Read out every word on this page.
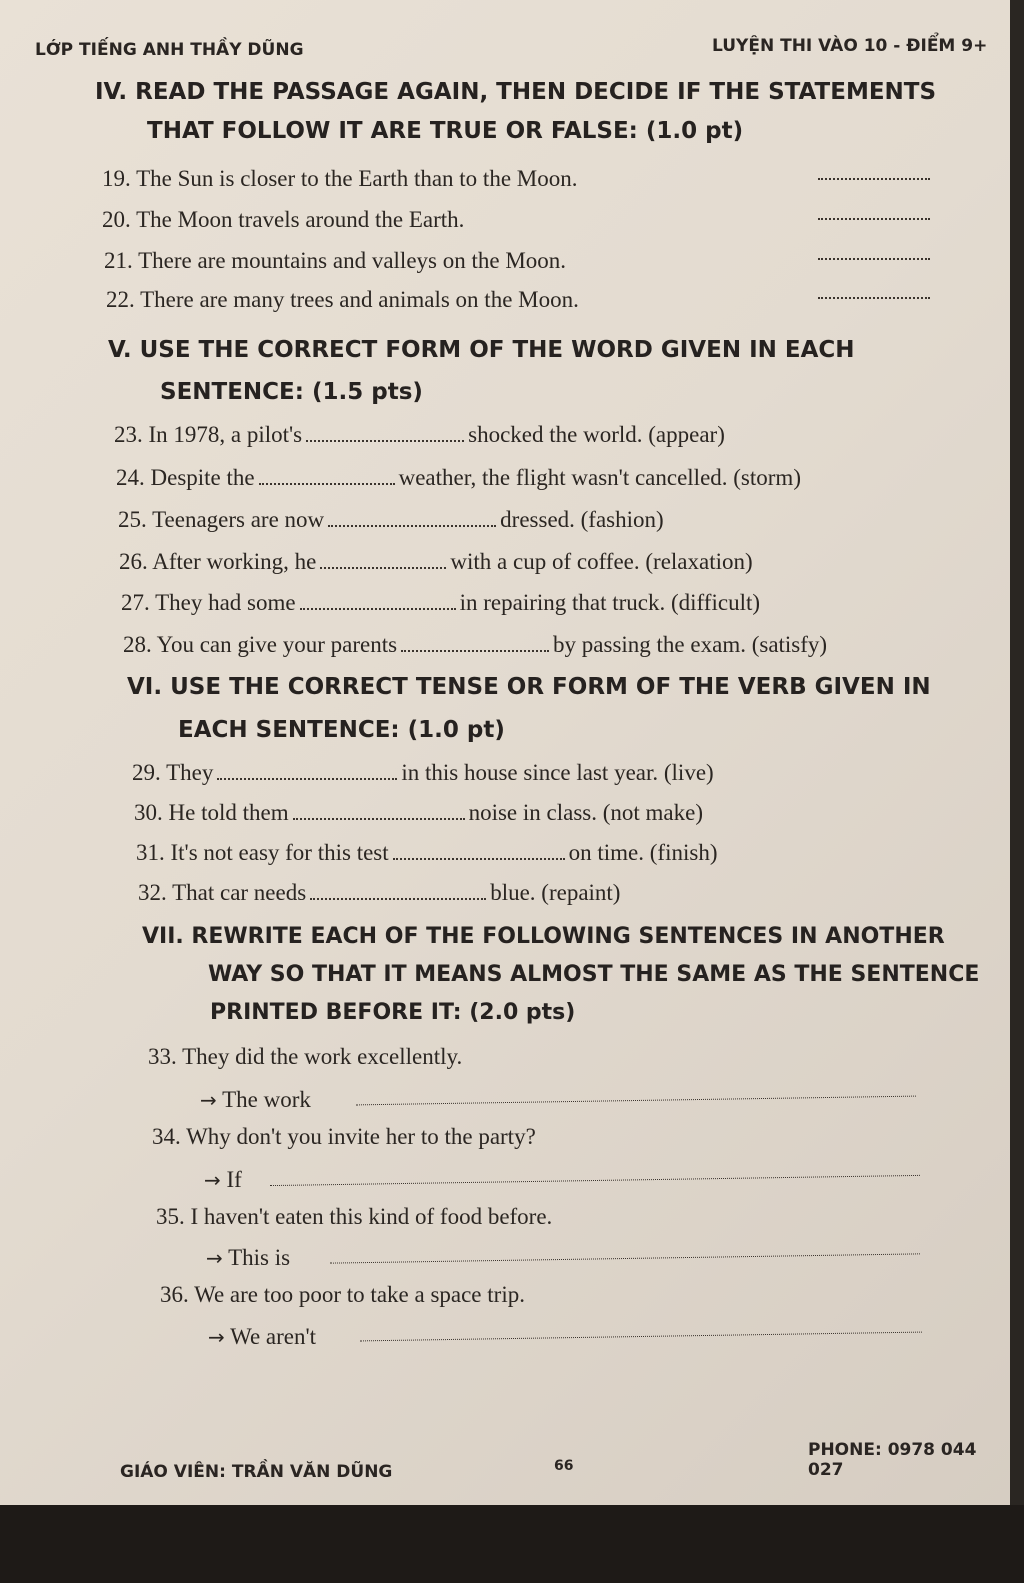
LỚP TIẾNG ANH THẦY DŨNG	LUYỆN THI VÀO 10 - ĐIỂM 9+
IV. READ THE PASSAGE AGAIN, THEN DECIDE IF THE STATEMENTS
THAT FOLLOW IT ARE TRUE OR FALSE: (1.0 pt)
19. The Sun is closer to the Earth than to the Moon.
20. The Moon travels around the Earth.
21. There are mountains and valleys on the Moon.
22. There are many trees and animals on the Moon.
V. USE THE CORRECT FORM OF THE WORD GIVEN IN EACH
SENTENCE: (1.5 pts)
23. In 1978, a pilot's	shocked the world. (appear)
24. Despite the	weather, the flight wasn't cancelled. (storm)
25. Teenagers are now	dressed. (fashion)
26. After working, he	with a cup of coffee. (relaxation)
27. They had some	in repairing that truck. (difficult)
28. You can give your parents	by passing the exam. (satisfy)
VI. USE THE CORRECT TENSE OR FORM OF THE VERB GIVEN IN
EACH SENTENCE: (1.0 pt)
29. They	in this house since last year. (live)
30. He told them	noise in class. (not make)
31. It's not easy for this test	on time. (finish)
32. That car needs	blue. (repaint)
VII. REWRITE EACH OF THE FOLLOWING SENTENCES IN ANOTHER
WAY SO THAT IT MEANS ALMOST THE SAME AS THE SENTENCE
PRINTED BEFORE IT: (2.0 pts)
33. They did the work excellently.
→ The work
34. Why don't you invite her to the party?
→ If
35. I haven't eaten this kind of food before.
→ This is
36. We are too poor to take a space trip.
→ We aren't
GIÁO VIÊN: TRẦN VĂN DŨNG	66
PHONE: 0978 044 027
